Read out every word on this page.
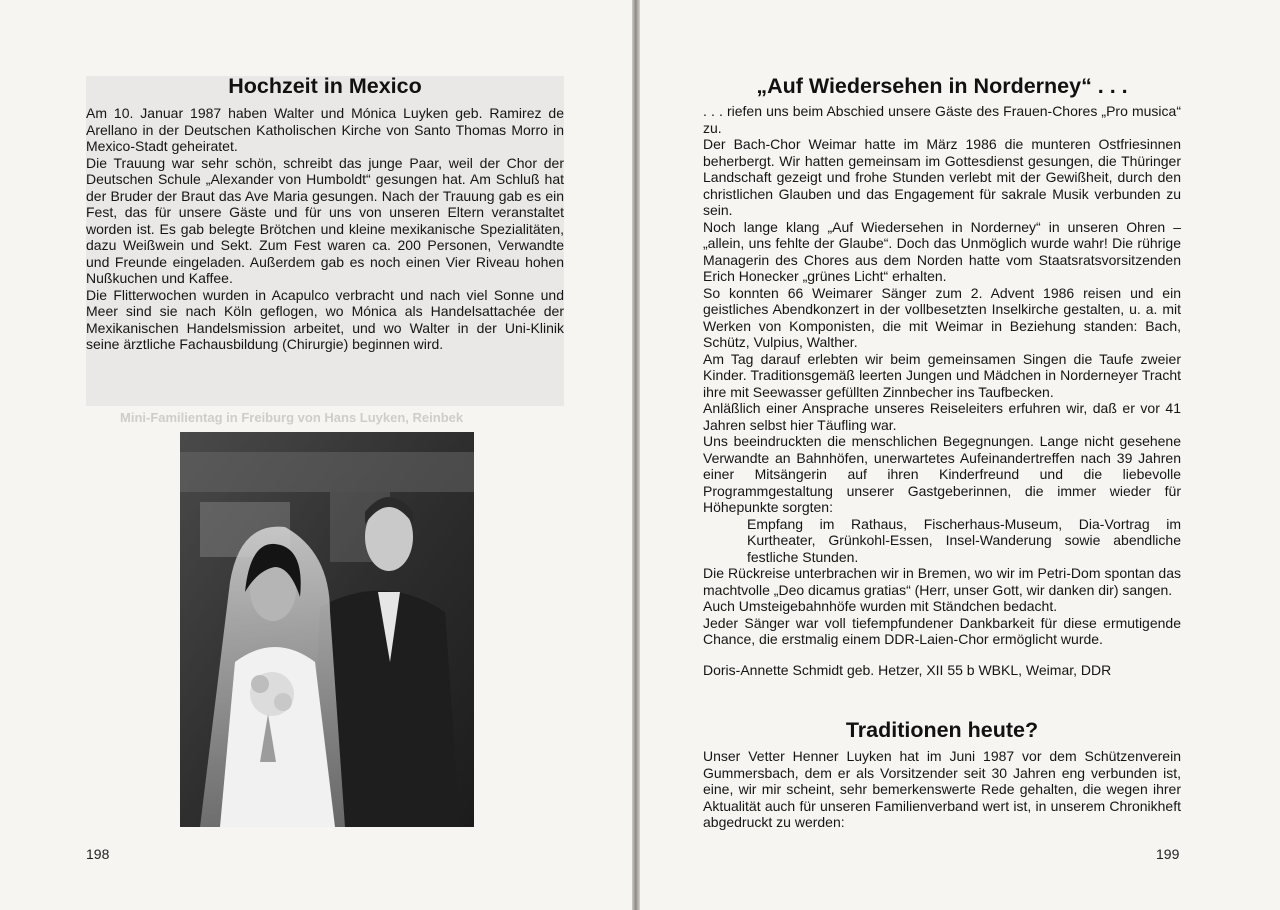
Mini-Familientag in Freiburg von Hans Luyken, Reinbek
Hochzeit in Mexico

Am 10. Januar 1987 haben Walter und Mónica Luyken geb. Ramirez de Arellano in der Deutschen Katholischen Kirche von Santo Thomas Morro in Mexico-Stadt geheiratet.

Die Trauung war sehr schön, schreibt das junge Paar, weil der Chor der Deutschen Schule „Alexander von Humboldt“ gesungen hat. Am Schluß hat der Bruder der Braut das Ave Maria gesungen. Nach der Trauung gab es ein Fest, das für unsere Gäste und für uns von unseren Eltern veranstaltet worden ist. Es gab belegte Brötchen und kleine mexikanische Spezialitäten, dazu Weißwein und Sekt. Zum Fest waren ca. 200 Personen, Verwandte und Freunde eingeladen. Außerdem gab es noch einen Vier Riveau hohen Nußkuchen und Kaffee.

Die Flitterwochen wurden in Acapulco verbracht und nach viel Sonne und Meer sind sie nach Köln geflogen, wo Mónica als Handelsattachée der Mexikanischen Handelsmission arbeitet, und wo Walter in der Uni-Klinik seine ärztliche Fachausbildung (Chirurgie) beginnen wird.

198
„Auf Wiedersehen in Norderney“ . . .

. . . riefen uns beim Abschied unsere Gäste des Frauen-Chores „Pro musica“ zu.

Der Bach-Chor Weimar hatte im März 1986 die munteren Ostfriesinnen beherbergt. Wir hatten gemeinsam im Gottesdienst gesungen, die Thüringer Landschaft gezeigt und frohe Stunden verlebt mit der Gewißheit, durch den christlichen Glauben und das Engagement für sakrale Musik verbunden zu sein.

Noch lange klang „Auf Wiedersehen in Norderney“ in unseren Ohren – „allein, uns fehlte der Glaube“. Doch das Unmöglich wurde wahr! Die rührige Managerin des Chores aus dem Norden hatte vom Staatsratsvorsitzenden Erich Honecker „grünes Licht“ erhalten.

So konnten 66 Weimarer Sänger zum 2. Advent 1986 reisen und ein geistliches Abendkonzert in der vollbesetzten Inselkirche gestalten, u. a. mit Werken von Komponisten, die mit Weimar in Beziehung standen: Bach, Schütz, Vulpius, Walther.

Am Tag darauf erlebten wir beim gemeinsamen Singen die Taufe zweier Kinder. Traditionsgemäß leerten Jungen und Mädchen in Norderneyer Tracht ihre mit Seewasser gefüllten Zinnbecher ins Taufbecken.

Anläßlich einer Ansprache unseres Reiseleiters erfuhren wir, daß er vor 41 Jahren selbst hier Täufling war.

Uns beeindruckten die menschlichen Begegnungen. Lange nicht gesehene Verwandte an Bahnhöfen, unerwartetes Aufeinandertreffen nach 39 Jahren einer Mitsängerin auf ihren Kinderfreund und die liebevolle Programmgestaltung unserer Gastgeberinnen, die immer wieder für Höhepunkte sorgten:

Empfang im Rathaus, Fischerhaus-Museum, Dia-Vortrag im Kurtheater, Grünkohl-Essen, Insel-Wanderung sowie abendliche festliche Stunden.

Die Rückreise unterbrachen wir in Bremen, wo wir im Petri-Dom spontan das machtvolle „Deo dicamus gratias“ (Herr, unser Gott, wir danken dir) sangen.

Auch Umsteigebahnhöfe wurden mit Ständchen bedacht.

Jeder Sänger war voll tiefempfundener Dankbarkeit für diese ermutigende Chance, die erstmalig einem DDR-Laien-Chor ermöglicht wurde.

Doris-Annette Schmidt geb. Hetzer, XII 55 b WBKL, Weimar, DDR

Traditionen heute?

Unser Vetter Henner Luyken hat im Juni 1987 vor dem Schützenverein Gummersbach, dem er als Vorsitzender seit 30 Jahren eng verbunden ist, eine, wir mir scheint, sehr bemerkenswerte Rede gehalten, die wegen ihrer Aktualität auch für unseren Familienverband wert ist, in unserem Chronikheft abgedruckt zu werden:

199
